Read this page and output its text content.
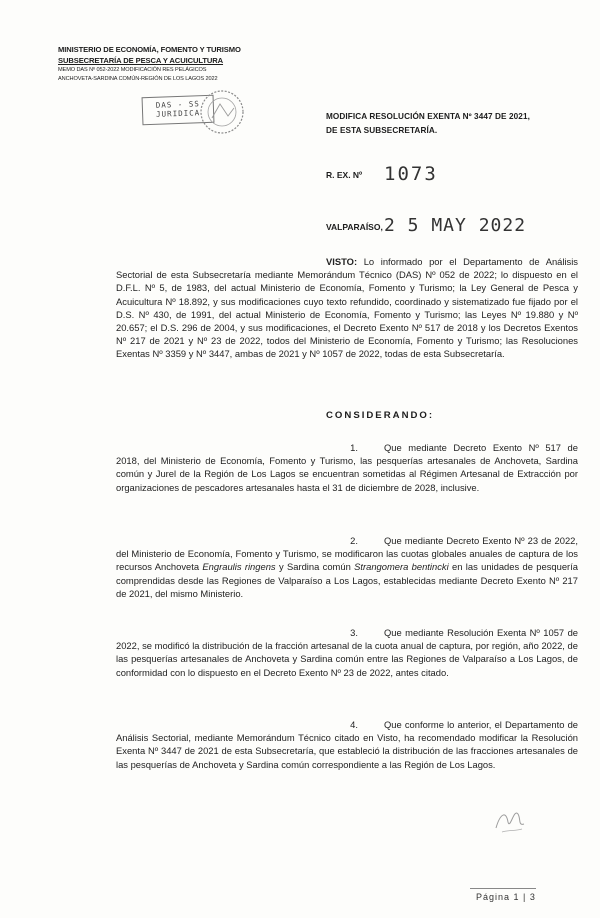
MINISTERIO DE ECONOMÍA, FOMENTO Y TURISMO
SUBSECRETARÍA DE PESCA Y ACUICULTURA
MEMO DAS Nº 052-2022 MODIFICACIÓN RES PELÁGICOS
ANCHOVETA-SARDINA COMÚN-REGIÓN DE LOS LAGOS 2022
DAS - SS
JURIDICA	MODIFICA RESOLUCIÓN EXENTA Nº 3447 DE 2021,
DE ESTA SUBSECRETARÍA.
R. EX. Nº 1073
VALPARAÍSO, 2 5 MAY 2022
VISTO: Lo informado por el Departamento de Análisis Sectorial de esta Subsecretaría mediante Memorándum Técnico (DAS) Nº 052 de 2022; lo dispuesto en el D.F.L. Nº 5, de 1983, del actual Ministerio de Economía, Fomento y Turismo; la Ley General de Pesca y Acuicultura Nº 18.892, y sus modificaciones cuyo texto refundido, coordinado y sistematizado fue fijado por el D.S. Nº 430, de 1991, del actual Ministerio de Economía, Fomento y Turismo; las Leyes Nº 19.880 y Nº 20.657; el D.S. 296 de 2004, y sus modificaciones, el Decreto Exento Nº 517 de 2018 y los Decretos Exentos Nº 217 de 2021 y Nº 23 de 2022, todos del Ministerio de Economía, Fomento y Turismo; las Resoluciones Exentas Nº 3359 y Nº 3447, ambas de 2021 y Nº 1057 de 2022, todas de esta Subsecretaría.
CONSIDERANDO:
1.	Que mediante Decreto Exento Nº 517 de 2018, del Ministerio de Economía, Fomento y Turismo, las pesquerías artesanales de Anchoveta, Sardina común y Jurel de la Región de Los Lagos se encuentran sometidas al Régimen Artesanal de Extracción por organizaciones de pescadores artesanales hasta el 31 de diciembre de 2028, inclusive.
2.	Que mediante Decreto Exento Nº 23 de 2022, del Ministerio de Economía, Fomento y Turismo, se modificaron las cuotas globales anuales de captura de los recursos Anchoveta Engraulis ringens y Sardina común Strangomera bentincki en las unidades de pesquería comprendidas desde las Regiones de Valparaíso a Los Lagos, establecidas mediante Decreto Exento Nº 217 de 2021, del mismo Ministerio.
3.	Que mediante Resolución Exenta Nº 1057 de 2022, se modificó la distribución de la fracción artesanal de la cuota anual de captura, por región, año 2022, de las pesquerías artesanales de Anchoveta y Sardina común entre las Regiones de Valparaíso a Los Lagos, de conformidad con lo dispuesto en el Decreto Exento Nº 23 de 2022, antes citado.
4.	Que conforme lo anterior, el Departamento de Análisis Sectorial, mediante Memorándum Técnico citado en Visto, ha recomendado modificar la Resolución Exenta Nº 3447 de 2021 de esta Subsecretaría, que estableció la distribución de las fracciones artesanales de las pesquerías de Anchoveta y Sardina común correspondiente a las Región de Los Lagos.
Página 1 | 3
